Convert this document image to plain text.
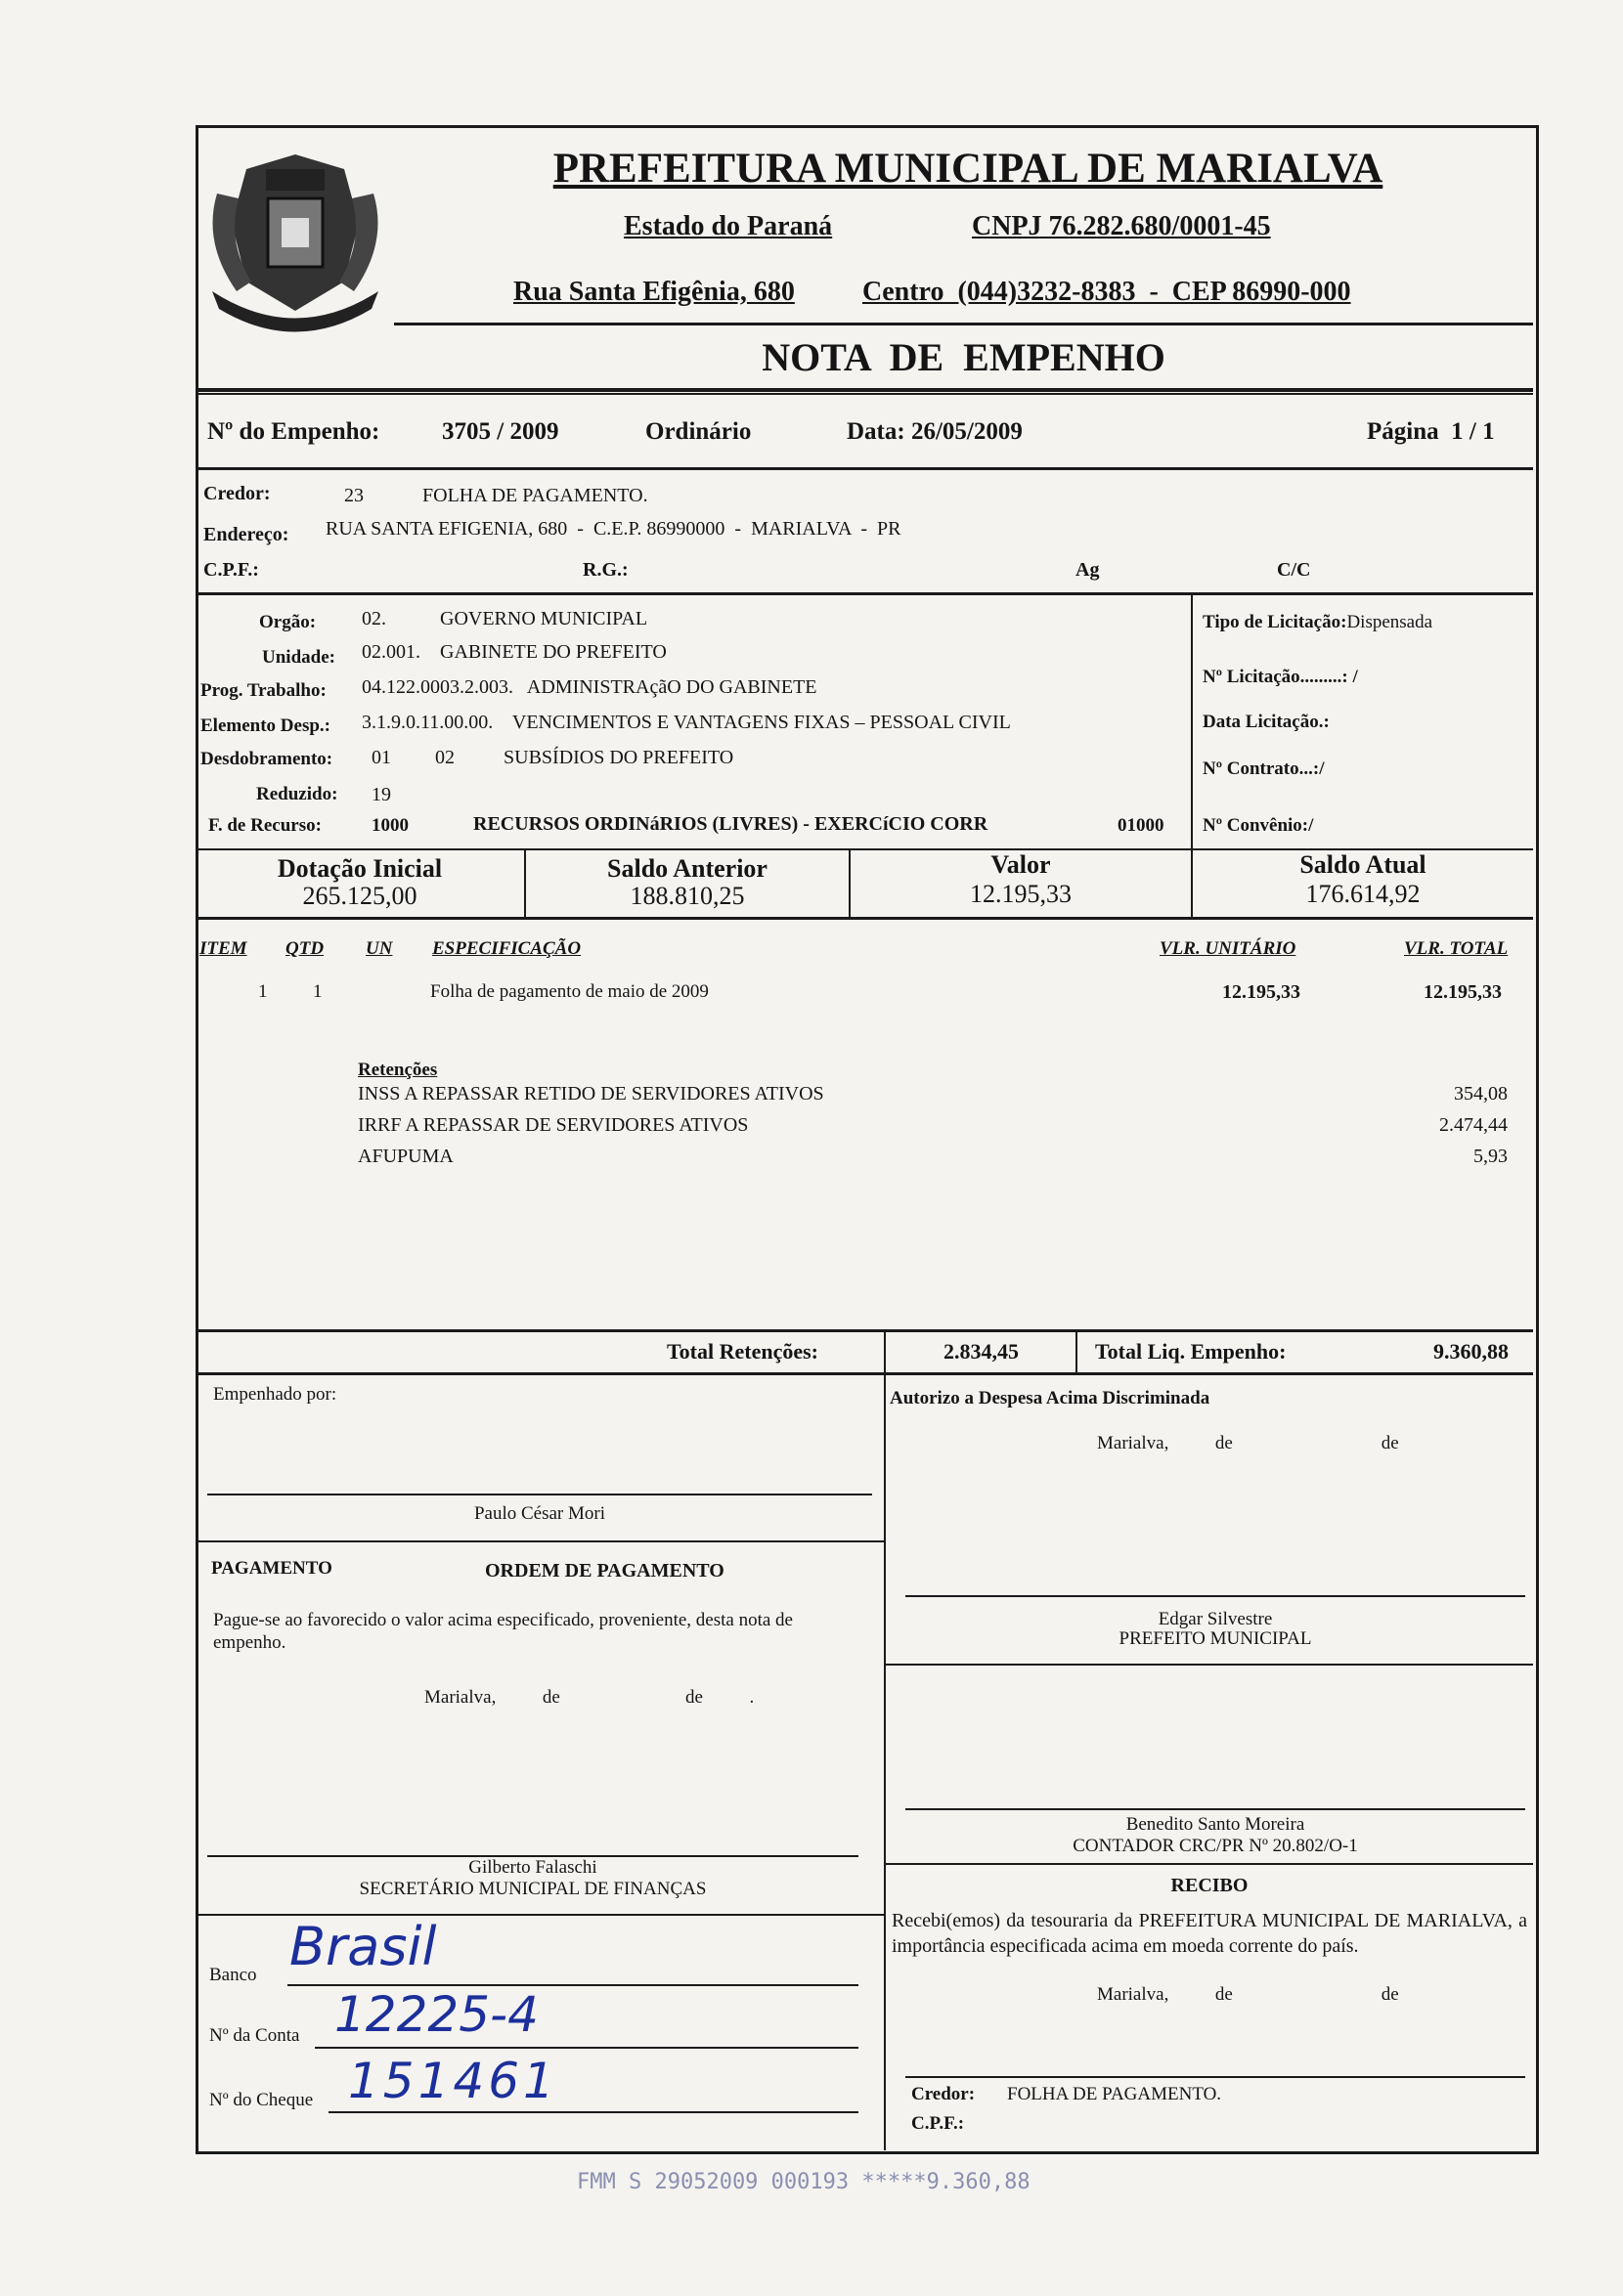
PREFEITURA MUNICIPAL DE MARIALVA
Estado do Paraná	CNPJ 76.282.680/0001-45
Rua Santa Efigênia, 680 Centro  (044)3232-8383  -  CEP 86990-000
NOTA  DE  EMPENHO
Nº do Empenho:	3705 / 2009	Ordinário	Data: 26/05/2009	Página  1 / 1
Credor:	23	FOLHA DE PAGAMENTO.
Endereço: RUA SANTA EFIGENIA, 680  -  C.E.P. 86990000  -  MARIALVA  -  PR
C.P.F.:	R.G.:	Ag	C/C
Orgão: 02.           GOVERNO MUNICIPAL
Unidade: 02.001.    GABINETE DO PREFEITO
Prog. Trabalho: 04.122.0003.2.003.   ADMINISTRAçãO DO GABINETE
Elemento Desp.: 3.1.9.0.11.00.00.    VENCIMENTOS E VANTAGENS FIXAS – PESSOAL CIVIL
Desdobramento: 01         02          SUBSÍDIOS DO PREFEITO
Reduzido: 19
F. de Recurso:	1000	RECURSOS ORDINáRIOS (LIVRES) - EXERCíCIO CORR	01000
Tipo de Licitação:Dispensada
Nº Licitação.........: /
Data Licitação.:
Nº Contrato...:/
Nº Convênio:/
Dotação Inicial
265.125,00
Saldo Anterior
188.810,25
Valor
12.195,33
Saldo Atual
176.614,92
ITEM QTD UN ESPECIFICAÇÃO	VLR. UNITÁRIO	VLR. TOTAL
1 1	Folha de pagamento de maio de 2009	12.195,33	12.195,33
Retenções
INSS A REPASSAR RETIDO DE SERVIDORES ATIVOS	354,08
IRRF A REPASSAR DE SERVIDORES ATIVOS	2.474,44
AFUPUMA	5,93
Total Retenções:	2.834,45	Total Liq. Empenho:	9.360,88
Empenhado por:
Paulo César Mori
Autorizo a Despesa Acima Discriminada
Marialva,          de                                de
Edgar Silvestre
PREFEITO MUNICIPAL
Benedito Santo Moreira
CONTADOR CRC/PR Nº 20.802/O-1
PAGAMENTO	ORDEM DE PAGAMENTO
Pague-se ao favorecido o valor acima especificado, proveniente, desta nota de empenho.
Marialva,          de                           de          .
Gilberto Falaschi
SECRETÁRIO MUNICIPAL DE FINANÇAS
Banco Brasil
Nº da Conta 12225-4
Nº do Cheque 151461
RECIBO
Recebi(emos) da tesouraria da PREFEITURA MUNICIPAL DE MARIALVA, a importância especificada acima em moeda corrente do país.
Marialva,          de                                de
Credor: FOLHA DE PAGAMENTO.
C.P.F.:
FMM S 29052009 000193 *****9.360,88
